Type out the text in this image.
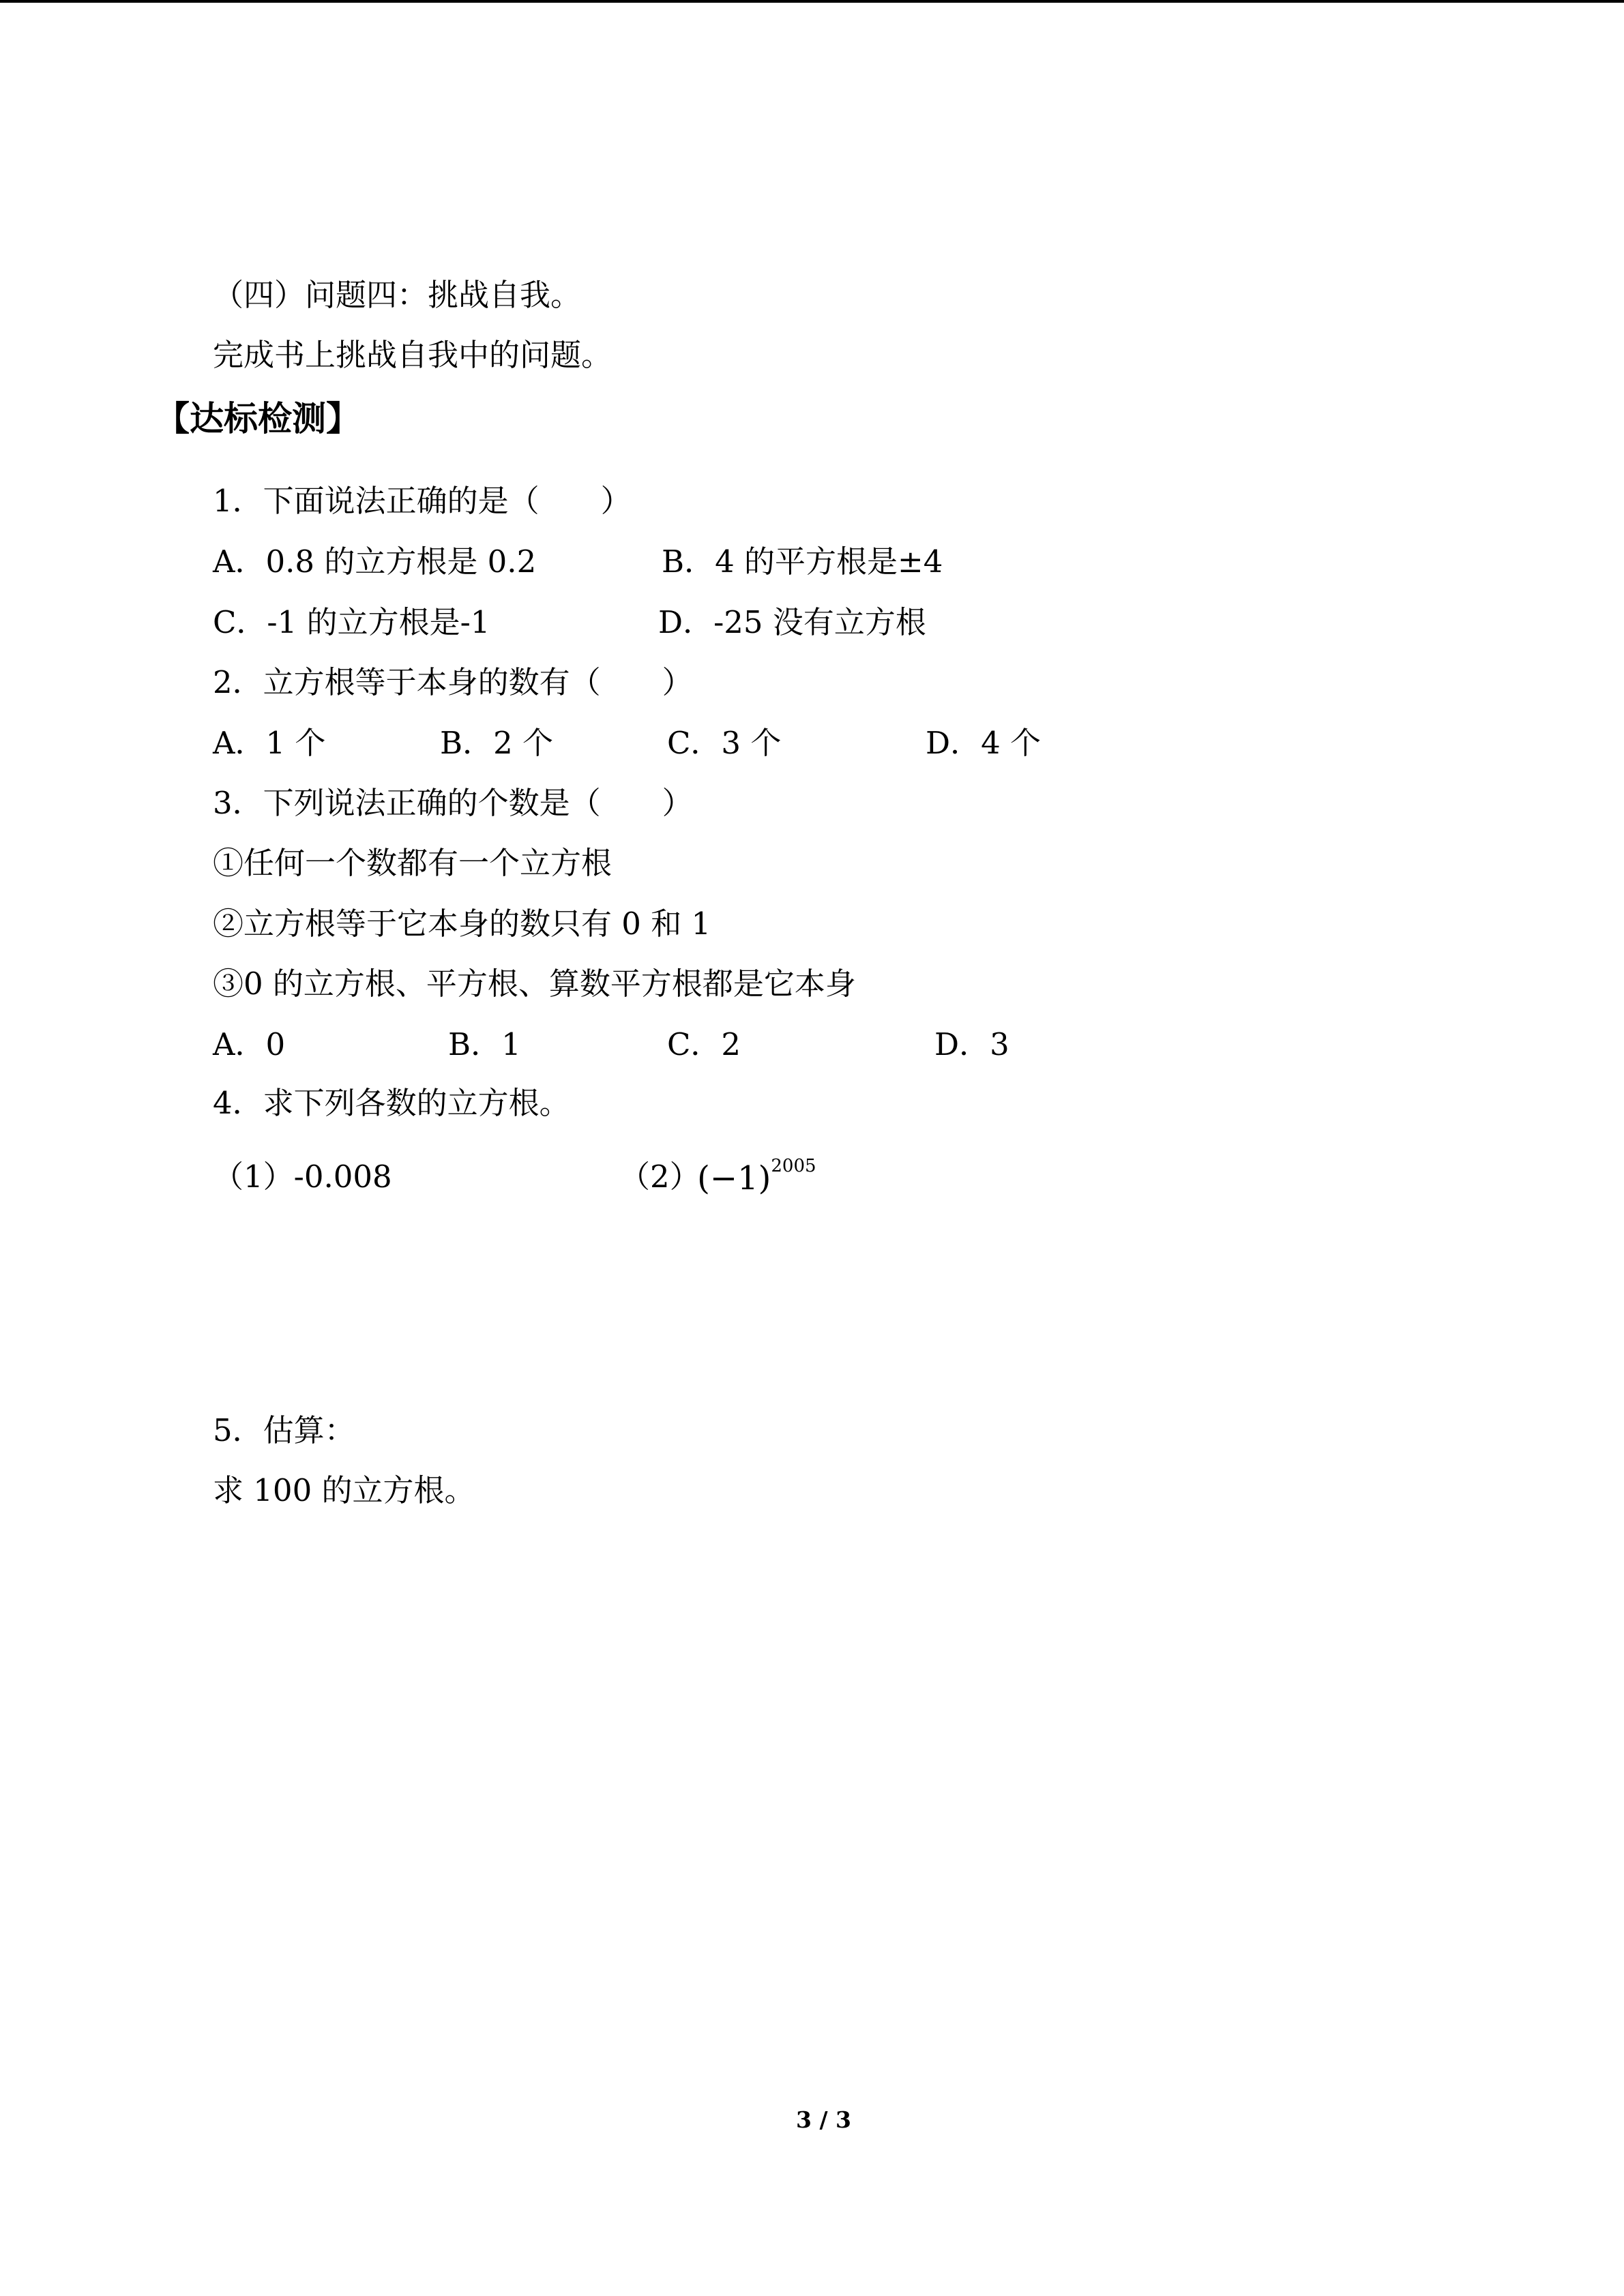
（四）问题四：挑战自我。
完成书上挑战自我中的问题。
【达标检测】
1．下面说法正确的是（　　）
A．0.8 的立方根是 0.2	B．4 的平方根是±4
C．-1 的立方根是-1	D．-25 没有立方根
2．立方根等于本身的数有（　　）
A．1 个	B．2 个	C．3 个	D．4 个
3．下列说法正确的个数是（　　）
①任何一个数都有一个立方根
②立方根等于它本身的数只有 0 和 1
③0 的立方根、平方根、算数平方根都是它本身
A．0	B．1	C．2	D．3
4．求下列各数的立方根。
（1）-0.008	（2）

(−1)2005

5．估算：
求 100 的立方根。
3 / 3
